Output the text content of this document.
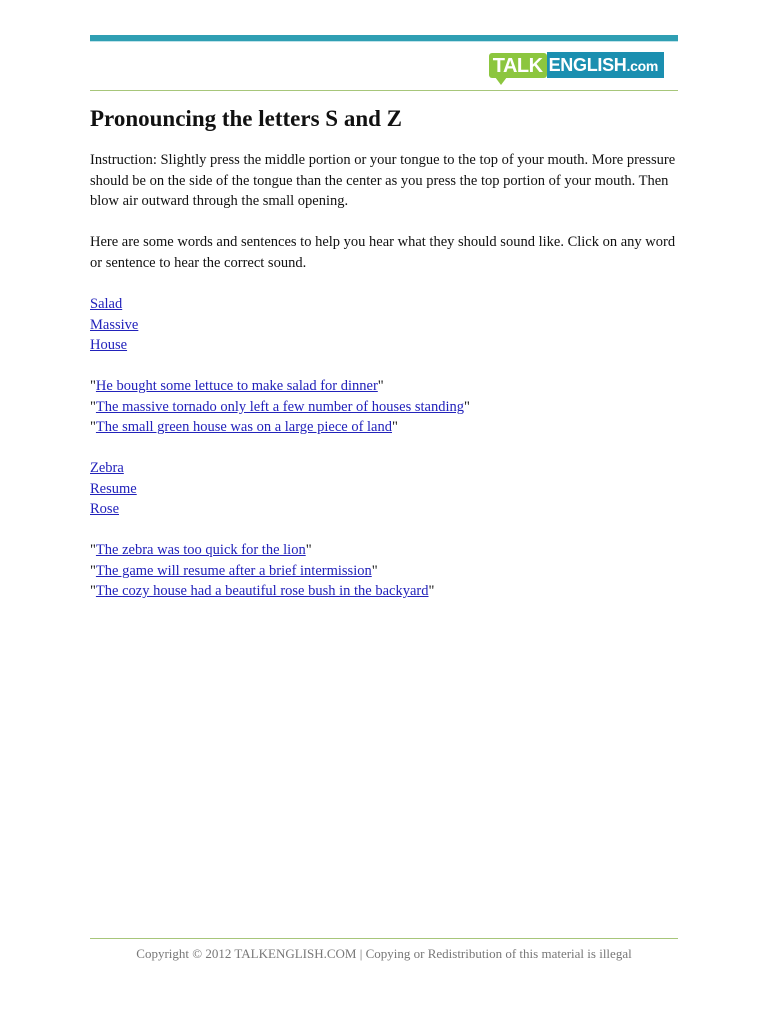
TALK ENGLISH.com
Pronouncing the letters S and Z

Instruction: Slightly press the middle portion or your tongue to the top of your mouth. More pressure should be on the side of the tongue than the center as you press the top portion of your mouth. Then blow air outward through the small opening.

Here are some words and sentences to help you hear what they should sound like. Click on any word or sentence to hear the correct sound.

Salad
Massive
House
"He bought some lettuce to make salad for dinner"
"The massive tornado only left a few number of houses standing"
"The small green house was on a large piece of land"
Zebra
Resume
Rose
"The zebra was too quick for the lion"
"The game will resume after a brief intermission"
"The cozy house had a beautiful rose bush in the backyard"
Copyright © 2012 TALKENGLISH.COM | Copying or Redistribution of this material is illegal
